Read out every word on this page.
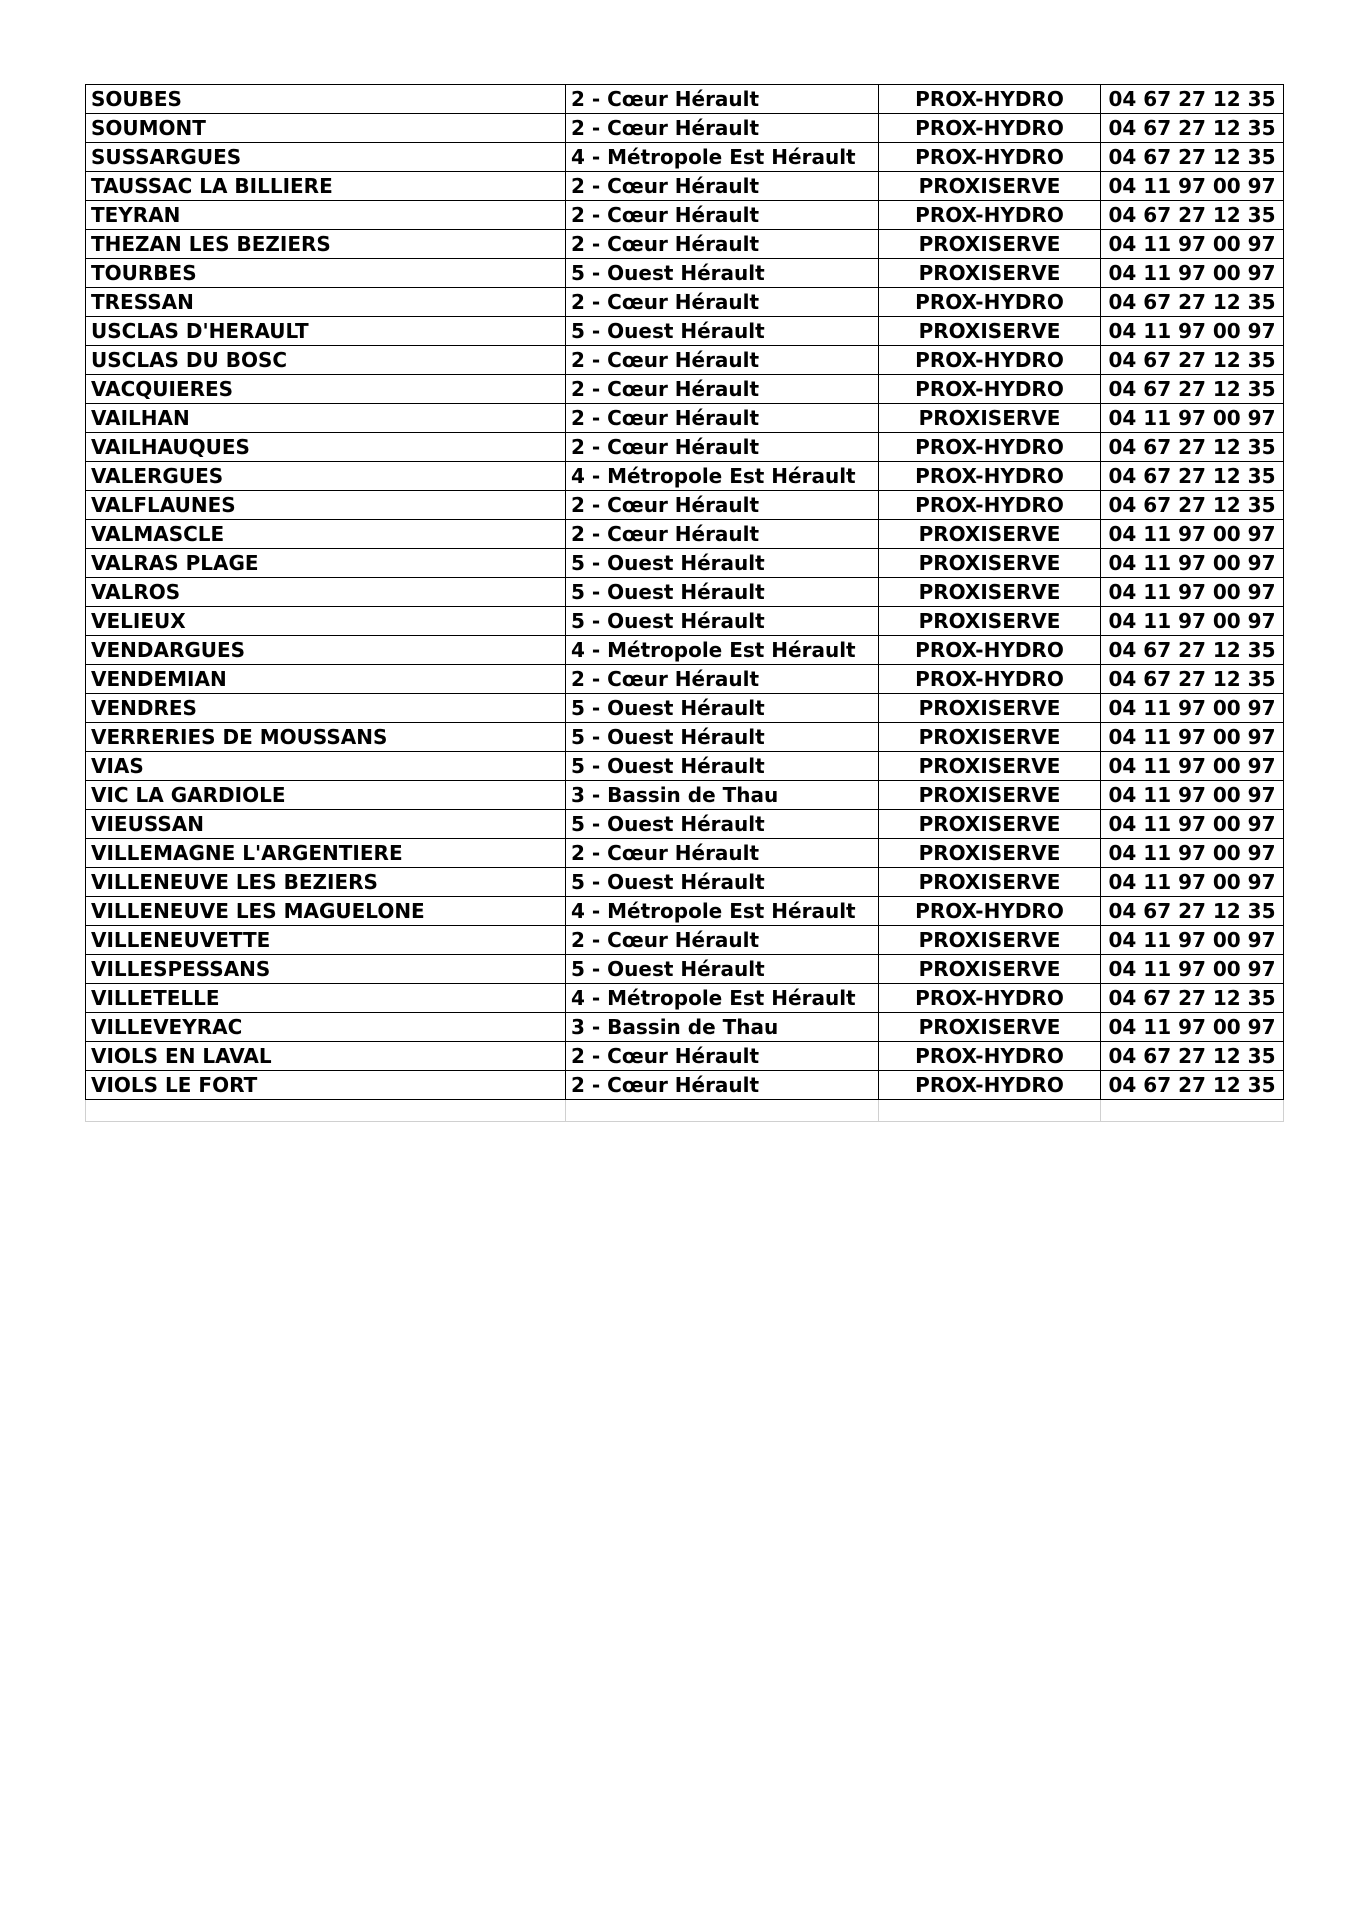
SOUBES	2 - Cœur Hérault	PROX-HYDRO	04 67 27 12 35
SOUMONT	2 - Cœur Hérault	PROX-HYDRO	04 67 27 12 35
SUSSARGUES	4 - Métropole Est Hérault	PROX-HYDRO	04 67 27 12 35
TAUSSAC LA BILLIERE	2 - Cœur Hérault	PROXISERVE	04 11 97 00 97
TEYRAN	2 - Cœur Hérault	PROX-HYDRO	04 67 27 12 35
THEZAN LES BEZIERS	2 - Cœur Hérault	PROXISERVE	04 11 97 00 97
TOURBES	5 - Ouest Hérault	PROXISERVE	04 11 97 00 97
TRESSAN	2 - Cœur Hérault	PROX-HYDRO	04 67 27 12 35
USCLAS D'HERAULT	5 - Ouest Hérault	PROXISERVE	04 11 97 00 97
USCLAS DU BOSC	2 - Cœur Hérault	PROX-HYDRO	04 67 27 12 35
VACQUIERES	2 - Cœur Hérault	PROX-HYDRO	04 67 27 12 35
VAILHAN	2 - Cœur Hérault	PROXISERVE	04 11 97 00 97
VAILHAUQUES	2 - Cœur Hérault	PROX-HYDRO	04 67 27 12 35
VALERGUES	4 - Métropole Est Hérault	PROX-HYDRO	04 67 27 12 35
VALFLAUNES	2 - Cœur Hérault	PROX-HYDRO	04 67 27 12 35
VALMASCLE	2 - Cœur Hérault	PROXISERVE	04 11 97 00 97
VALRAS PLAGE	5 - Ouest Hérault	PROXISERVE	04 11 97 00 97
VALROS	5 - Ouest Hérault	PROXISERVE	04 11 97 00 97
VELIEUX	5 - Ouest Hérault	PROXISERVE	04 11 97 00 97
VENDARGUES	4 - Métropole Est Hérault	PROX-HYDRO	04 67 27 12 35
VENDEMIAN	2 - Cœur Hérault	PROX-HYDRO	04 67 27 12 35
VENDRES	5 - Ouest Hérault	PROXISERVE	04 11 97 00 97
VERRERIES DE MOUSSANS	5 - Ouest Hérault	PROXISERVE	04 11 97 00 97
VIAS	5 - Ouest Hérault	PROXISERVE	04 11 97 00 97
VIC LA GARDIOLE	3 - Bassin de Thau	PROXISERVE	04 11 97 00 97
VIEUSSAN	5 - Ouest Hérault	PROXISERVE	04 11 97 00 97
VILLEMAGNE L'ARGENTIERE	2 - Cœur Hérault	PROXISERVE	04 11 97 00 97
VILLENEUVE LES BEZIERS	5 - Ouest Hérault	PROXISERVE	04 11 97 00 97
VILLENEUVE LES MAGUELONE	4 - Métropole Est Hérault	PROX-HYDRO	04 67 27 12 35
VILLENEUVETTE	2 - Cœur Hérault	PROXISERVE	04 11 97 00 97
VILLESPESSANS	5 - Ouest Hérault	PROXISERVE	04 11 97 00 97
VILLETELLE	4 - Métropole Est Hérault	PROX-HYDRO	04 67 27 12 35
VILLEVEYRAC	3 - Bassin de Thau	PROXISERVE	04 11 97 00 97
VIOLS EN LAVAL	2 - Cœur Hérault	PROX-HYDRO	04 67 27 12 35
VIOLS LE FORT	2 - Cœur Hérault	PROX-HYDRO	04 67 27 12 35
